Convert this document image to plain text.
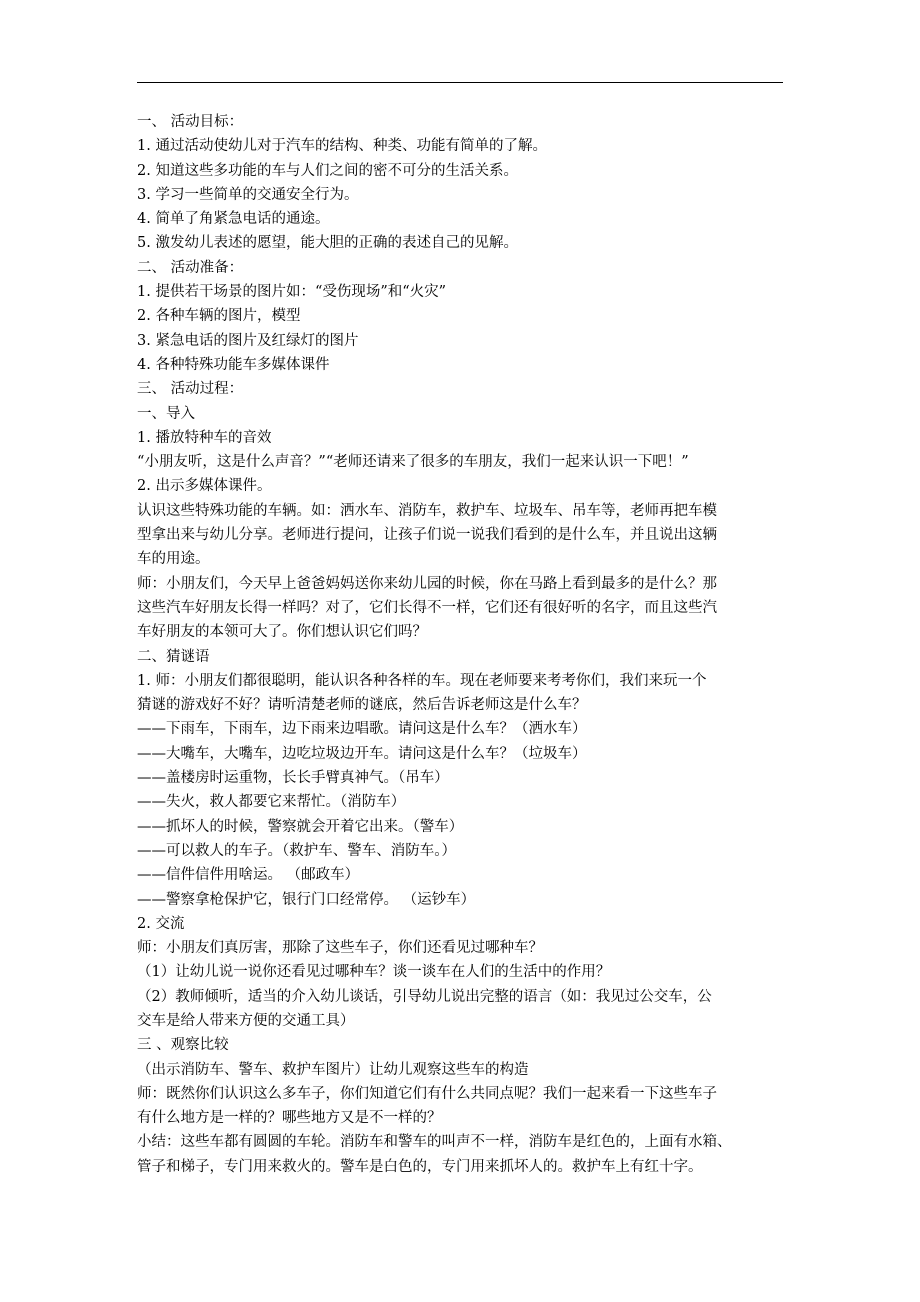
一、 活动目标：
1. 通过活动使幼儿对于汽车的结构、种类、功能有简单的了解。
2. 知道这些多功能的车与人们之间的密不可分的生活关系。
3. 学习一些简单的交通安全行为。
4. 简单了角紧急电话的通途。
5. 激发幼儿表述的愿望，能大胆的正确的表述自己的见解。
二、 活动准备：
1. 提供若干场景的图片如：“受伤现场”和“火灾”
2. 各种车辆的图片，模型
3. 紧急电话的图片及红绿灯的图片
4. 各种特殊功能车多媒体课件
三、 活动过程：
一、导入
1. 播放特种车的音效
“小朋友听，这是什么声音？”“老师还请来了很多的车朋友，我们一起来认识一下吧！”
2. 出示多媒体课件。
认识这些特殊功能的车辆。如：洒水车、消防车，救护车、垃圾车、吊车等，老师再把车模
型拿出来与幼儿分享。老师进行提问，让孩子们说一说我们看到的是什么车，并且说出这辆
车的用途。
师：小朋友们，今天早上爸爸妈妈送你来幼儿园的时候，你在马路上看到最多的是什么？那
这些汽车好朋友长得一样吗？对了，它们长得不一样，它们还有很好听的名字，而且这些汽
车好朋友的本领可大了。你们想认识它们吗？
二、猜谜语
1. 师：小朋友们都很聪明，能认识各种各样的车。现在老师要来考考你们，我们来玩一个
猜谜的游戏好不好？请听清楚老师的谜底，然后告诉老师这是什么车？
——下雨车，下雨车，边下雨来边唱歌。请问这是什么车？（洒水车）
——大嘴车，大嘴车，边吃垃圾边开车。请问这是什么车？（垃圾车）
——盖楼房时运重物，长长手臂真神气。（吊车）
——失火，救人都要它来帮忙。（消防车）
——抓坏人的时候，警察就会开着它出来。（警车）
——可以救人的车子。（救护车、警车、消防车。）
——信件信件用啥运。 （邮政车）
——警察拿枪保护它，银行门口经常停。 （运钞车）
2. 交流
师：小朋友们真厉害，那除了这些车子，你们还看见过哪种车？
（1）让幼儿说一说你还看见过哪种车？谈一谈车在人们的生活中的作用？
（2）教师倾听，适当的介入幼儿谈话，引导幼儿说出完整的语言（如：我见过公交车，公
交车是给人带来方便的交通工具）
三 、观察比较
（出示消防车、警车、救护车图片）让幼儿观察这些车的构造
师：既然你们认识这么多车子，你们知道它们有什么共同点呢？我们一起来看一下这些车子
有什么地方是一样的？哪些地方又是不一样的？
小结：这些车都有圆圆的车轮。消防车和警车的叫声不一样，消防车是红色的，上面有水箱、
管子和梯子，专门用来救火的。警车是白色的，专门用来抓坏人的。救护车上有红十字。
